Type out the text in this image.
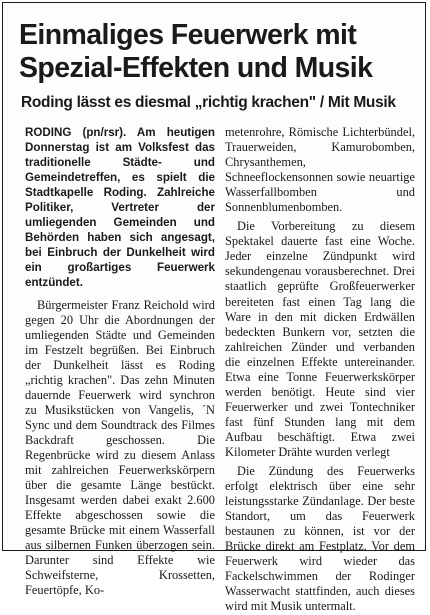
Einmaliges Feuerwerk mit Spezial-Effekten und Musik
Roding lässt es diesmal „richtig krachen" / Mit Musik

RODING (pn/rsr). Am heutigen Donnerstag ist am Volksfest das traditionelle Städte- und Gemeindetreffen, es spielt die Stadtkapelle Roding. Zahlreiche Politiker, Vertreter der umliegenden Gemeinden und Behörden haben sich angesagt, bei Einbruch der Dunkelheit wird ein großartiges Feuerwerk entzündet.

Bürgermeister Franz Reichold wird gegen 20 Uhr die Abordnungen der umliegenden Städte und Gemeinden im Festzelt begrüßen. Bei Einbruch der Dunkelheit lässt es Roding „richtig krachen". Das zehn Minuten dauernde Feuerwerk wird synchron zu Musikstücken von Vangelis, ´N Sync und dem Soundtrack des Filmes Backdraft geschossen. Die Regenbrücke wird zu diesem Anlass mit zahlreichen Feuerwerkskörpern über die gesamte Länge bestückt. Insgesamt werden dabei exakt 2.600 Effekte abgeschossen sowie die gesamte Brücke mit einem Wasserfall aus silbernen Funken überzogen sein. Darunter sind Effekte wie Schweifsterne, Krossetten, Feuertöpfe, Ko-

metenrohre, Römische Lichterbündel, Trauerweiden, Kamurobomben, Chrysanthemen, Schneeflockensonnen sowie neuartige Wasserfallbomben und Sonnenblumenbomben.

Die Vorbereitung zu diesem Spektakel dauerte fast eine Woche. Jeder einzelne Zündpunkt wird sekundengenau vorausberechnet. Drei staatlich geprüfte Großfeuerwerker bereiteten fast einen Tag lang die Ware in den mit dicken Erdwällen bedeckten Bunkern vor, setzten die zahlreichen Zünder und verbanden die einzelnen Effekte untereinander. Etwa eine Tonne Feuerwerkskörper werden benötigt. Heute sind vier Feuerwerker und zwei Tontechniker fast fünf Stunden lang mit dem Aufbau beschäftigt. Etwa zwei Kilometer Drähte wurden verlegt

Die Zündung des Feuerwerks erfolgt elektrisch über eine sehr leistungsstarke Zündanlage. Der beste Standort, um das Feuerwerk bestaunen zu können, ist vor der Brücke direkt am Festplatz. Vor dem Feuerwerk wird wieder das Fackelschwimmen der Rodinger Wasserwacht stattfinden, auch dieses wird mit Musik untermalt.
